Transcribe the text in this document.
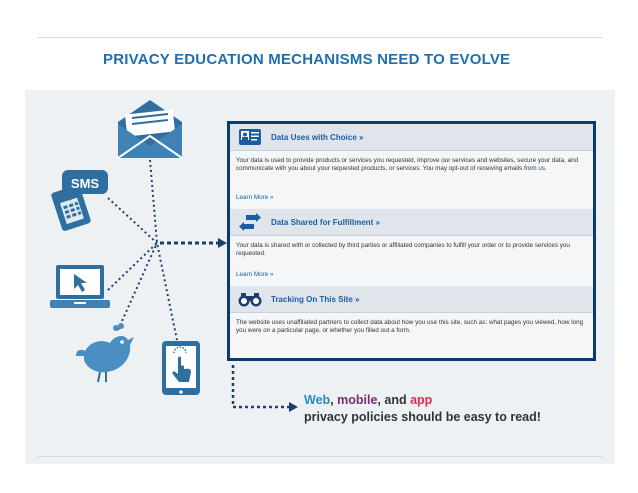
PRIVACY EDUCATION MECHANISMS NEED TO EVOLVE
SMS
Data Uses with Choice »
Your data is used to provide products or services you requested, improve our services and websites, secure your data, and communicate with you about your requested products, or services. You may opt-out of receiving emails from us.
Learn More »
Data Shared for Fulfillment »
Your data is shared with or collected by third parties or affiliated companies to fulfill your order or to provide services you requested.
Learn More »
Tracking On This Site »
The website uses unaffiliated partners to collect data about how you use this site, such as: what pages you viewed, how long you were on a particular page, or whether you filled out a form.
Web, mobile, and app
privacy policies should be easy to read!
